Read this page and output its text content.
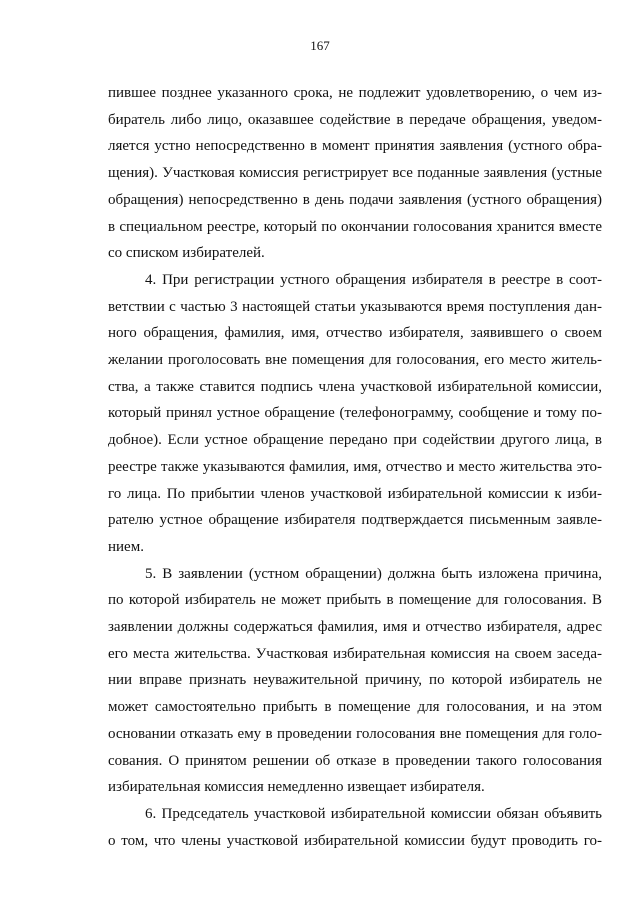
167
пившее позднее указанного срока, не подлежит удовлетворению, о чем из-
биратель либо лицо, оказавшее содействие в передаче обращения, уведом-
ляется устно непосредственно в момент принятия заявления (устного обра-
щения). Участковая комиссия регистрирует все поданные заявления (устные
обращения) непосредственно в день подачи заявления (устного обращения)
в специальном реестре, который по окончании голосования хранится вместе
со списком избирателей.
4. При регистрации устного обращения избирателя в реестре в соот-
ветствии с частью 3 настоящей статьи указываются время поступления дан-
ного обращения, фамилия, имя, отчество избирателя, заявившего о своем
желании проголосовать вне помещения для голосования, его место житель-
ства, а также ставится подпись члена участковой избирательной комиссии,
который принял устное обращение (телефонограмму, сообщение и тому по-
добное). Если устное обращение передано при содействии другого лица, в
реестре также указываются фамилия, имя, отчество и место жительства это-
го лица. По прибытии членов участковой избирательной комиссии к изби-
рателю устное обращение избирателя подтверждается письменным заявле-
нием.
5. В заявлении (устном обращении) должна быть изложена причина,
по которой избиратель не может прибыть в помещение для голосования. В
заявлении должны содержаться фамилия, имя и отчество избирателя, адрес
его места жительства. Участковая избирательная комиссия на своем заседа-
нии вправе признать неуважительной причину, по которой избиратель не
может самостоятельно прибыть в помещение для голосования, и на этом
основании отказать ему в проведении голосования вне помещения для голо-
сования. О принятом решении об отказе в проведении такого голосования
избирательная комиссия немедленно извещает избирателя.
6. Председатель участковой избирательной комиссии обязан объявить
о том, что члены участковой избирательной комиссии будут проводить го-
